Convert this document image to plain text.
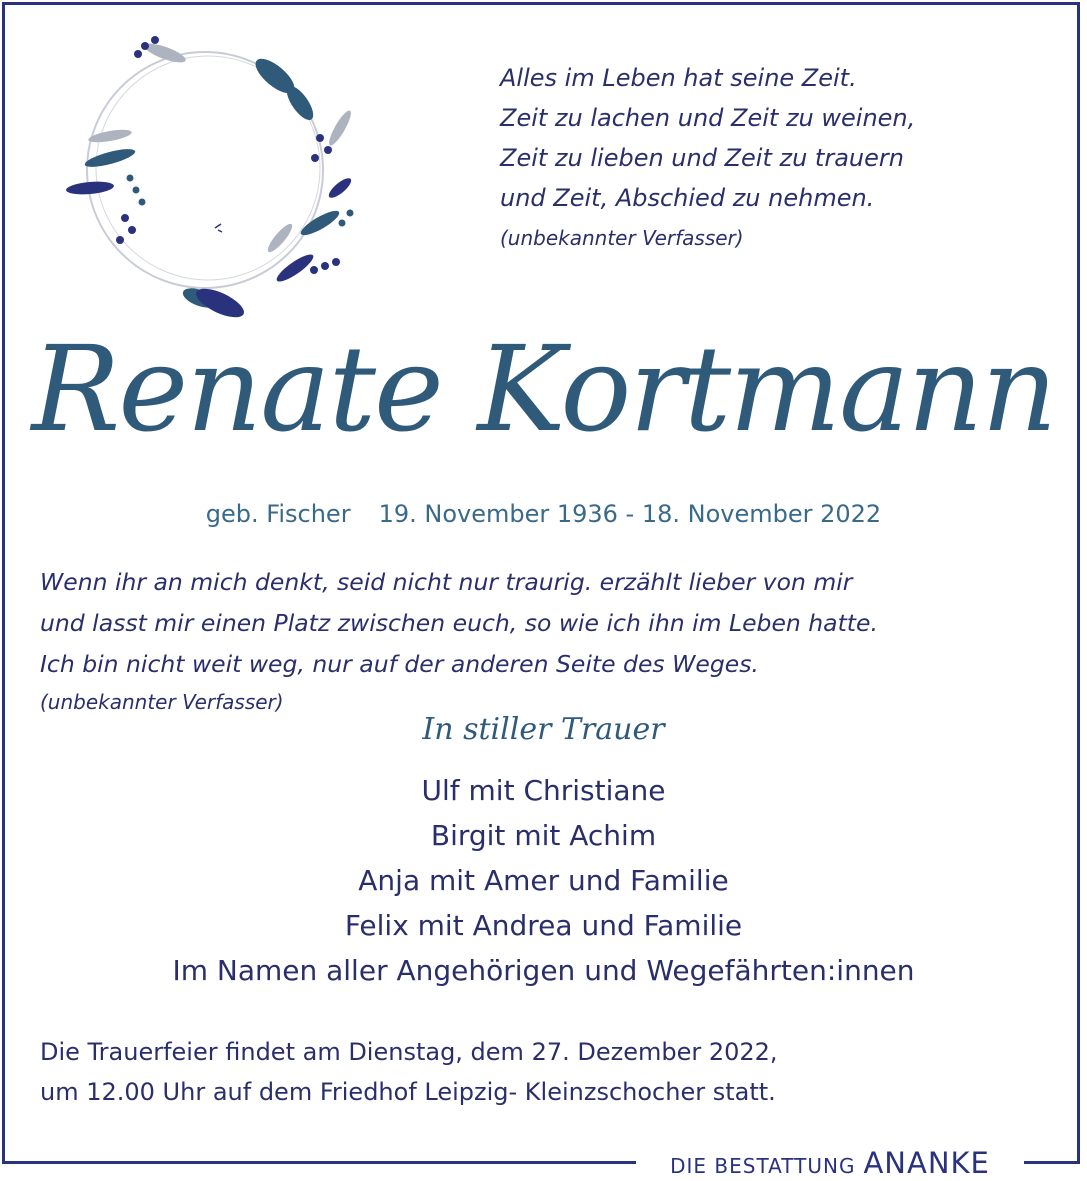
Alles im Leben hat seine Zeit.
Zeit zu lachen und Zeit zu weinen,
Zeit zu lieben und Zeit zu trauern
und Zeit, Abschied zu nehmen.
(unbekannter Verfasser)
Renate Kortmann
geb. Fischer 19. November 1936 - 18. November 2022
Wenn ihr an mich denkt, seid nicht nur traurig. erzählt lieber von mir
und lasst mir einen Platz zwischen euch, so wie ich ihn im Leben hatte.
Ich bin nicht weit weg, nur auf der anderen Seite des Weges.
(unbekannter Verfasser)
In stiller Trauer
Ulf mit Christiane
Birgit mit Achim
Anja mit Amer und Familie
Felix mit Andrea und Familie
Im Namen aller Angehörigen und Wegefährten:innen
Die Trauerfeier findet am Dienstag, dem 27. Dezember 2022,
um 12.00 Uhr auf dem Friedhof Leipzig- Kleinzschocher statt.
DIE BESTATTUNG ANANKE
